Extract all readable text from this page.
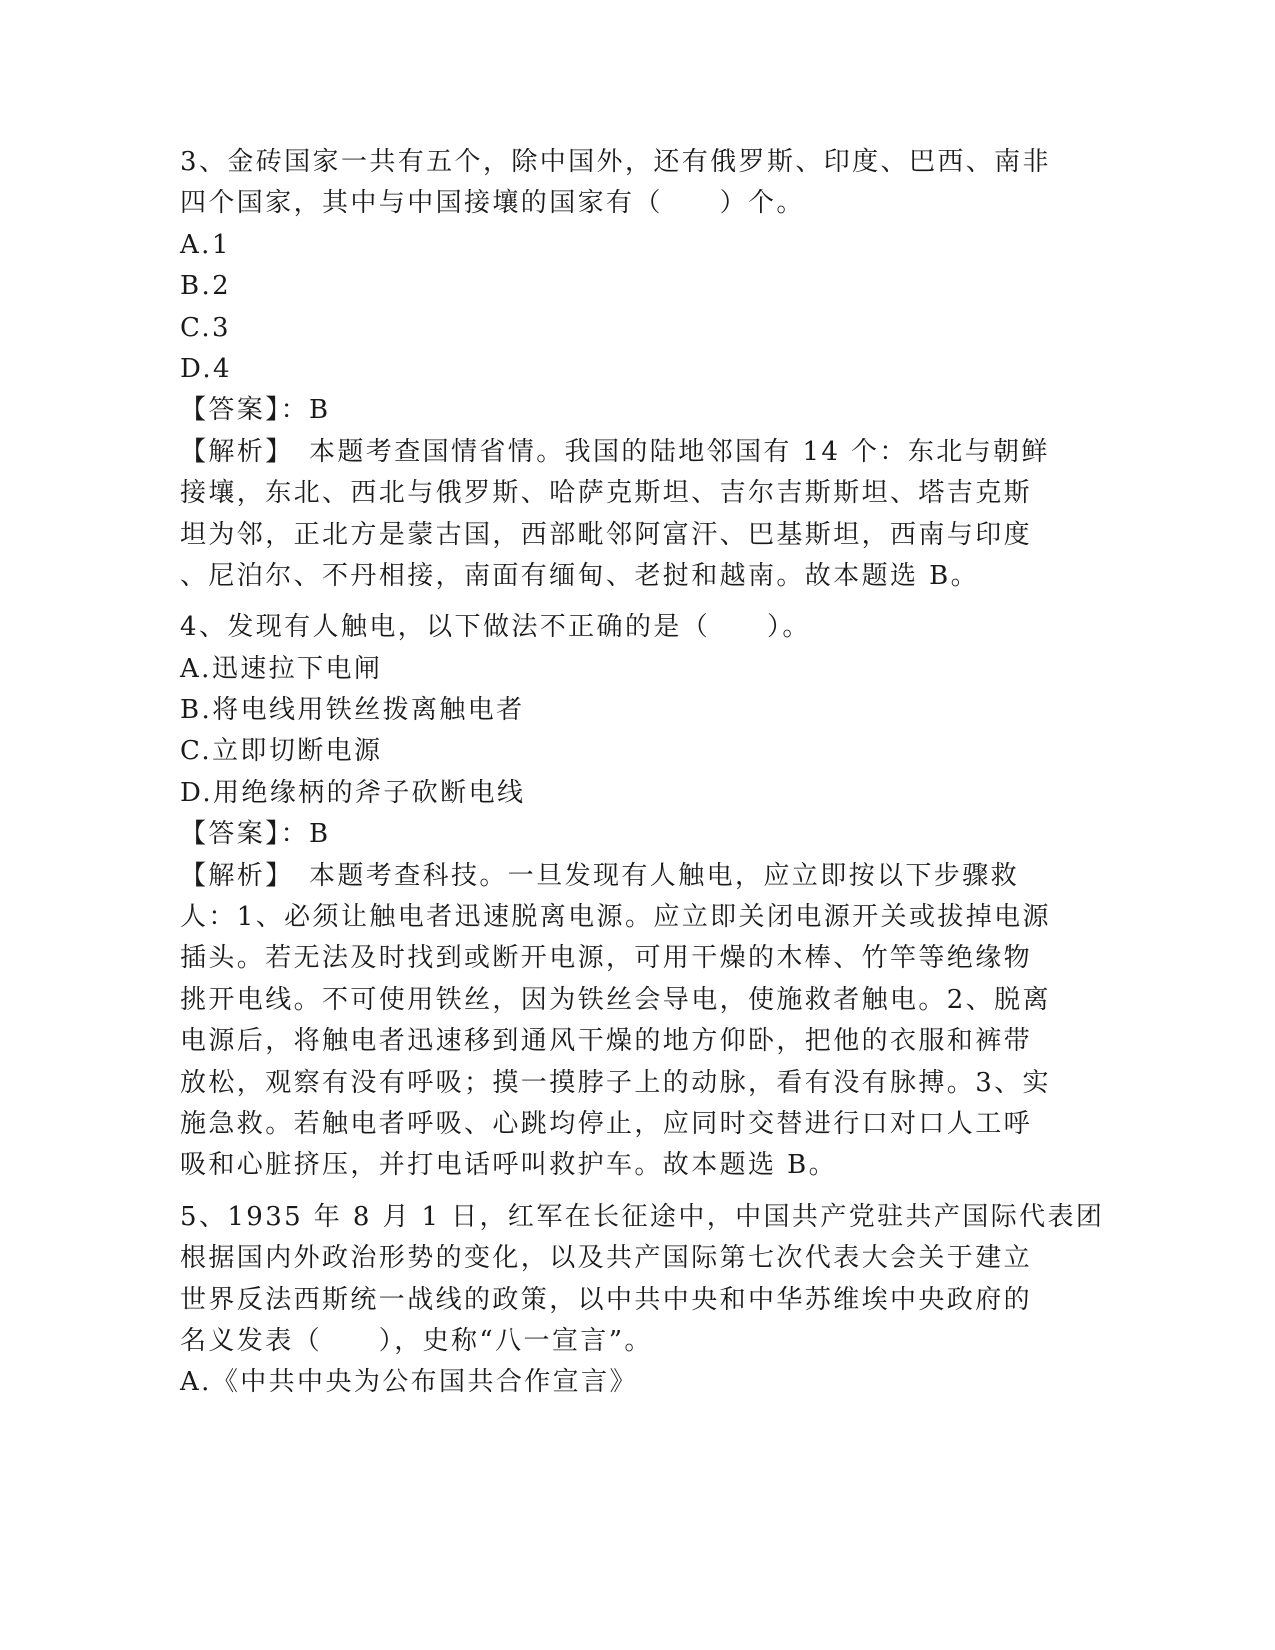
3、金砖国家一共有五个，除中国外，还有俄罗斯、印度、巴西、南非
四个国家，其中与中国接壤的国家有（　　）个。
A.1
B.2
C.3
D.4
【答案】：B
【解析】　本题考查国情省情。我国的陆地邻国有 14 个：东北与朝鲜
接壤，东北、西北与俄罗斯、哈萨克斯坦、吉尔吉斯斯坦、塔吉克斯
坦为邻，正北方是蒙古国，西部毗邻阿富汗、巴基斯坦，西南与印度
、尼泊尔、不丹相接，南面有缅甸、老挝和越南。故本题选 B。
4、发现有人触电，以下做法不正确的是（　　）。
A.迅速拉下电闸
B.将电线用铁丝拨离触电者
C.立即切断电源
D.用绝缘柄的斧子砍断电线
【答案】：B
【解析】　本题考查科技。一旦发现有人触电，应立即按以下步骤救
人：1、必须让触电者迅速脱离电源。应立即关闭电源开关或拔掉电源
插头。若无法及时找到或断开电源，可用干燥的木棒、竹竿等绝缘物
挑开电线。不可使用铁丝，因为铁丝会导电，使施救者触电。2、脱离
电源后，将触电者迅速移到通风干燥的地方仰卧，把他的衣服和裤带
放松，观察有没有呼吸；摸一摸脖子上的动脉，看有没有脉搏。3、实
施急救。若触电者呼吸、心跳均停止，应同时交替进行口对口人工呼
吸和心脏挤压，并打电话呼叫救护车。故本题选 B。
5、1935 年 8 月 1 日，红军在长征途中，中国共产党驻共产国际代表团
根据国内外政治形势的变化，以及共产国际第七次代表大会关于建立
世界反法西斯统一战线的政策，以中共中央和中华苏维埃中央政府的
名义发表（　　），史称“八一宣言”。
A.《中共中央为公布国共合作宣言》
